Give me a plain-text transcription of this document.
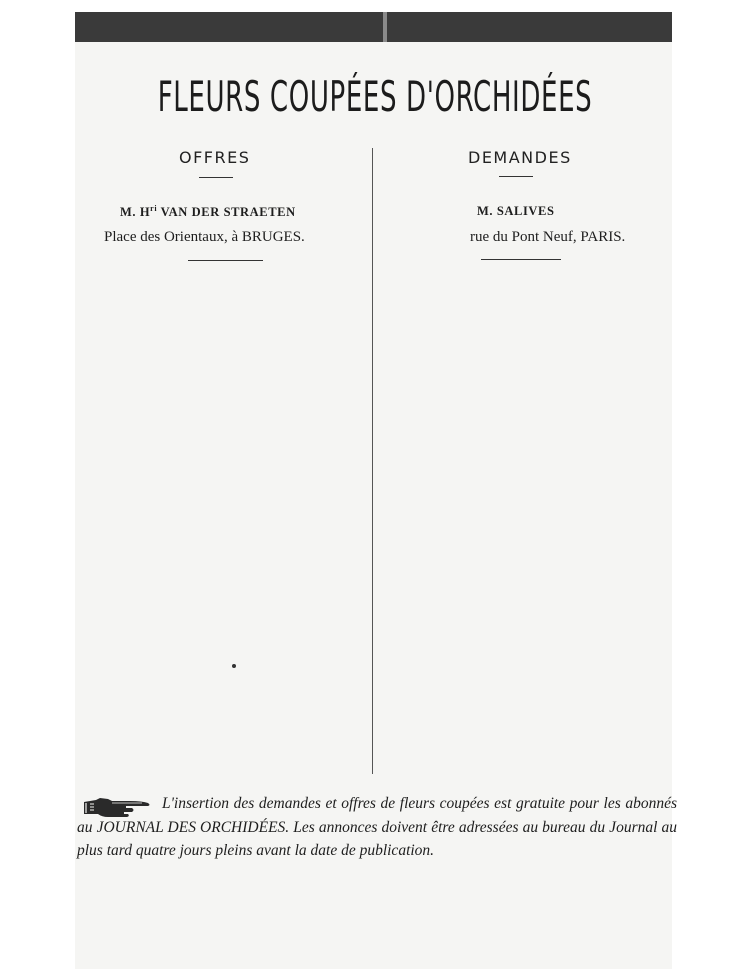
FLEURS COUPÉES D'ORCHIDÉES
OFFRES	DEMANDES
M. $H^{ri}$ VAN DER STRAETEN	M. SALIVES
Place des Orientaux, à BRUGES.	rue du Pont Neuf, PARIS.
L'insertion des demandes et offres de fleurs coupées est gratuite pour les abonnés au JOURNAL DES ORCHIDÉES. Les annonces doivent être adressées au bureau du Journal au plus tard quatre jours pleins avant la date de publication.
